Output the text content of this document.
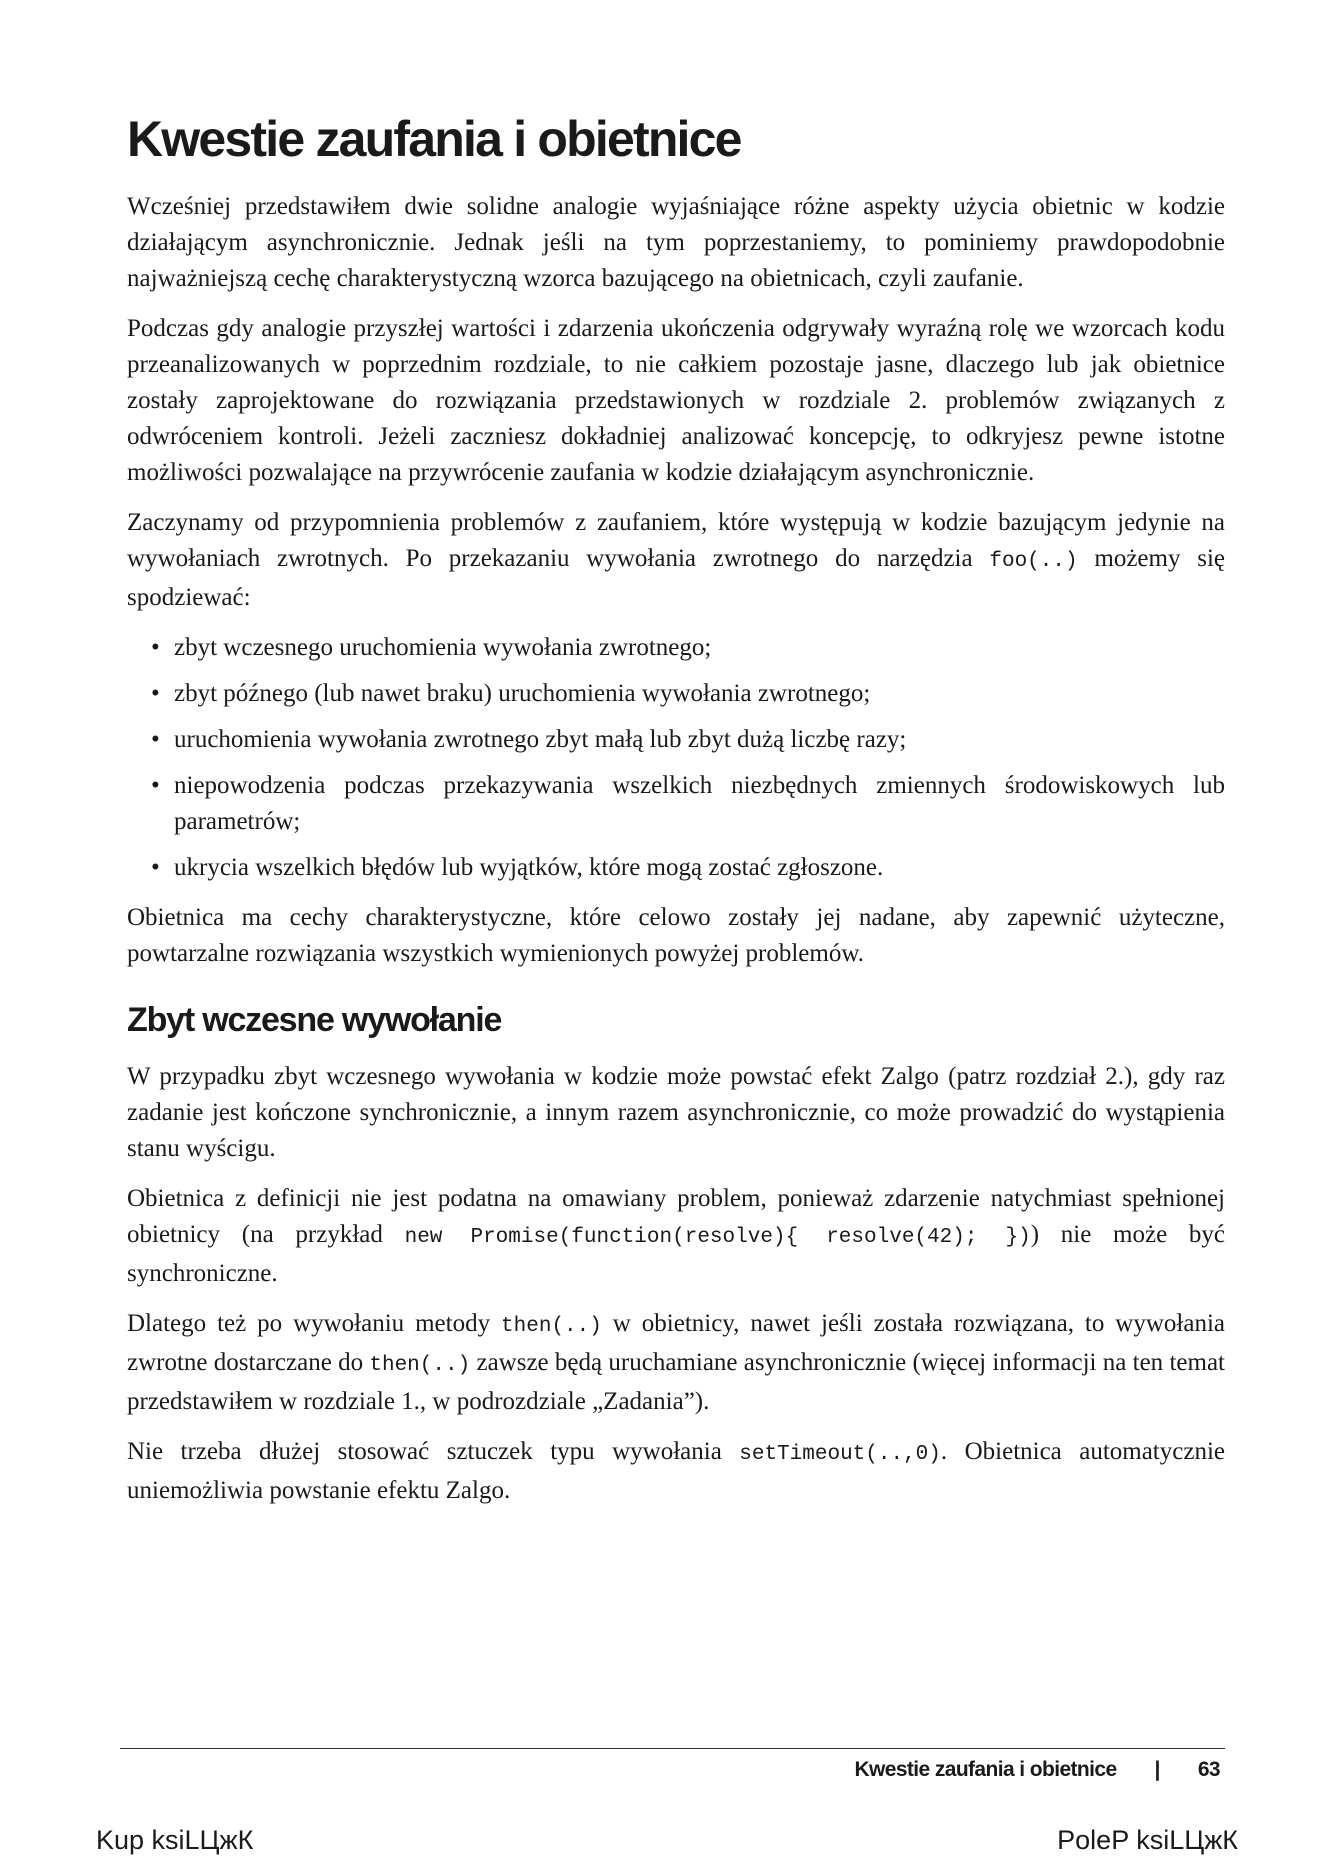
Kwestie zaufania i obietnice

Wcześniej przedstawiłem dwie solidne analogie wyjaśniające różne aspekty użycia obietnic w kodzie działającym asynchronicznie. Jednak jeśli na tym poprzestaniemy, to pominiemy prawdopodobnie najważniejszą cechę charakterystyczną wzorca bazującego na obietnicach, czyli zaufanie.

Podczas gdy analogie przyszłej wartości i zdarzenia ukończenia odgrywały wyraźną rolę we wzorcach kodu przeanalizowanych w poprzednim rozdziale, to nie całkiem pozostaje jasne, dlaczego lub jak obietnice zostały zaprojektowane do rozwiązania przedstawionych w rozdziale 2. problemów związanych z odwróceniem kontroli. Jeżeli zaczniesz dokładniej analizować koncepcję, to odkryjesz pewne istotne możliwości pozwalające na przywrócenie zaufania w kodzie działającym asynchronicznie.

Zaczynamy od przypomnienia problemów z zaufaniem, które występują w kodzie bazującym jedynie na wywołaniach zwrotnych. Po przekazaniu wywołania zwrotnego do narzędzia foo(..) możemy się spodziewać:

• zbyt wczesnego uruchomienia wywołania zwrotnego;
• zbyt późnego (lub nawet braku) uruchomienia wywołania zwrotnego;
• uruchomienia wywołania zwrotnego zbyt małą lub zbyt dużą liczbę razy;
• niepowodzenia podczas przekazywania wszelkich niezbędnych zmiennych środowiskowych lub parametrów;
• ukrycia wszelkich błędów lub wyjątków, które mogą zostać zgłoszone.

Obietnica ma cechy charakterystyczne, które celowo zostały jej nadane, aby zapewnić użyteczne, powtarzalne rozwiązania wszystkich wymienionych powyżej problemów.

Zbyt wczesne wywołanie

W przypadku zbyt wczesnego wywołania w kodzie może powstać efekt Zalgo (patrz rozdział 2.), gdy raz zadanie jest kończone synchronicznie, a innym razem asynchronicznie, co może prowadzić do wystąpienia stanu wyścigu.

Obietnica z definicji nie jest podatna na omawiany problem, ponieważ zdarzenie natychmiast spełnionej obietnicy (na przykład new Promise(function(resolve){ resolve(42); })) nie może być synchroniczne.

Dlatego też po wywołaniu metody then(..) w obietnicy, nawet jeśli została rozwiązana, to wywołania zwrotne dostarczane do then(..) zawsze będą uruchamiane asynchronicznie (więcej informacji na ten temat przedstawiłem w rozdziale 1., w podrozdziale „Zadania”).

Nie trzeba dłużej stosować sztuczek typu wywołania setTimeout(..,0). Obietnica automatycznie uniemożliwia powstanie efektu Zalgo.

Kwestie zaufania i obietnice | 63
Kup ksiLЦжК	PoleP ksiLЦжК
